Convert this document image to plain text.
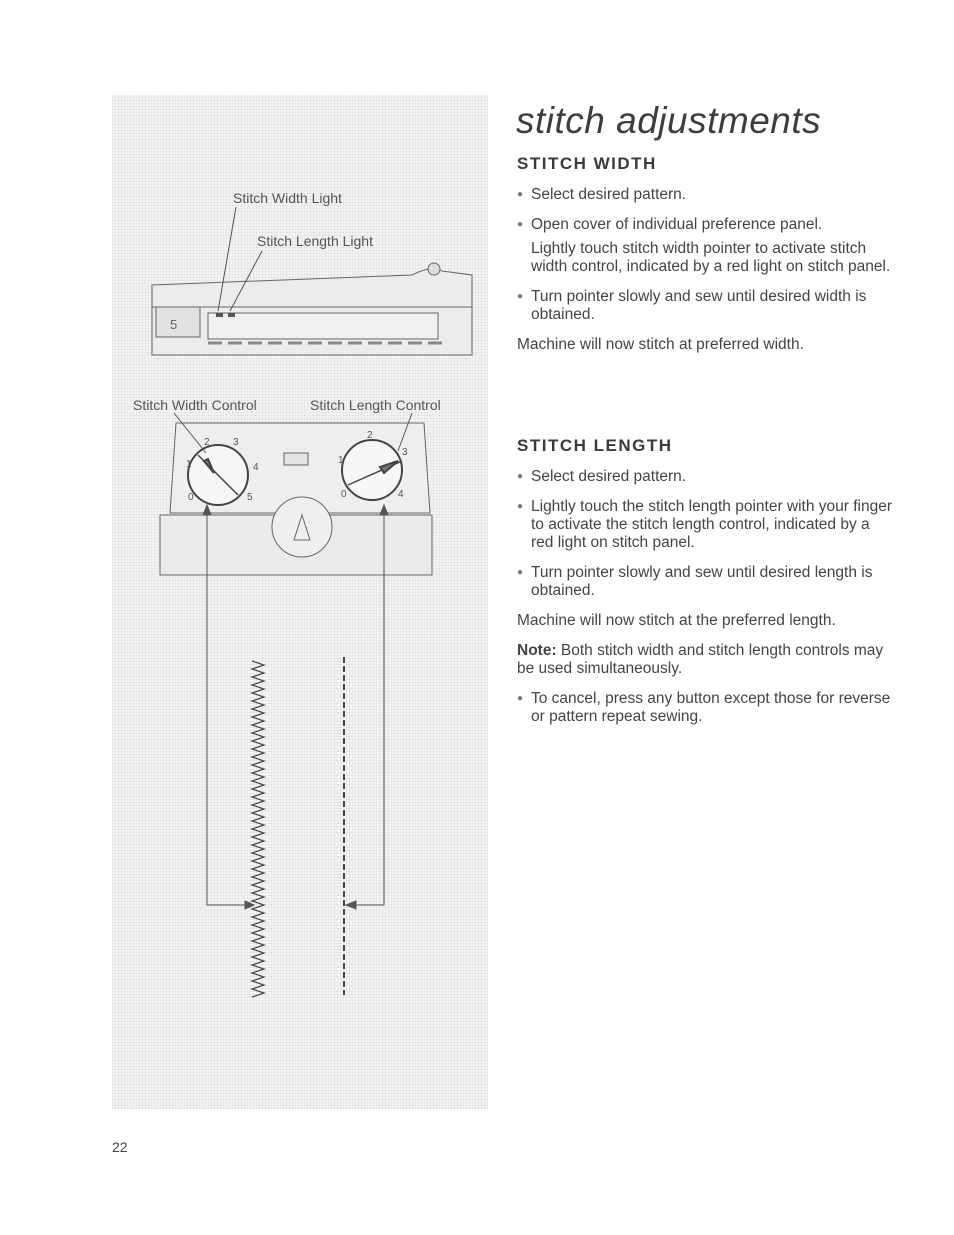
5
0
1
2 3
4
5	0
1
2
3
4
Stitch Width Light
Stitch Length Light
Stitch Width Control	Stitch Length Control
stitch adjustments
STITCH WIDTH
● Select desired pattern.
● Open cover of individual preference panel.
Lightly touch stitch width pointer to activate stitch width control, indicated by a red light on stitch panel.
● Turn pointer slowly and sew until desired width is obtained.

Machine will now stitch at preferred width.

STITCH LENGTH
● Select desired pattern.
● Lightly touch the stitch length pointer with your finger to activate the stitch length control, indicated by a red light on stitch panel.
● Turn pointer slowly and sew until desired length is obtained.

Machine will now stitch at the preferred length.

Note: Both stitch width and stitch length controls may be used simultaneously.

● To cancel, press any button except those for reverse or pattern repeat sewing.
22
